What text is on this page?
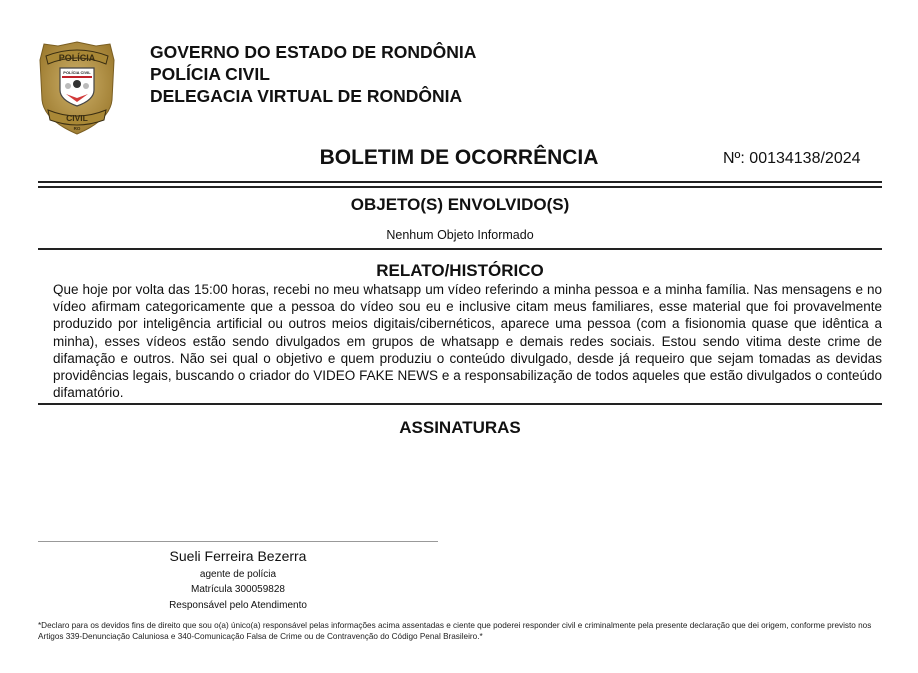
POLÍCIA
POLÍCIA CIVIL
CIVIL
RO
GOVERNO DO ESTADO DE RONDÔNIA
POLÍCIA CIVIL
DELEGACIA VIRTUAL DE RONDÔNIA
BOLETIM DE OCORRÊNCIA	Nº: 00134138/2024
OBJETO(S) ENVOLVIDO(S)
Nenhum Objeto Informado
RELATO/HISTÓRICO
Que hoje por volta das 15:00 horas, recebi no meu whatsapp um vídeo referindo a minha pessoa e a minha família. Nas mensagens e no vídeo afirmam categoricamente que a pessoa do vídeo sou eu e inclusive citam meus familiares, esse material que foi provavelmente produzido por inteligência artificial ou outros meios digitais/cibernéticos, aparece uma pessoa (com a fisionomia quase que idêntica a minha), esses vídeos estão sendo divulgados em grupos de whatsapp e demais redes sociais. Estou sendo vitima deste crime de difamação e outros. Não sei qual o objetivo e quem produziu o conteúdo divulgado, desde já requeiro que sejam tomadas as devidas providências legais, buscando o criador do VIDEO FAKE NEWS e a responsabilização de todos aqueles que estão divulgados o conteúdo difamatório.
ASSINATURAS
Sueli Ferreira Bezerra
agente de polícia
Matrícula 300059828
Responsável pelo Atendimento
*Declaro para os devidos fins de direito que sou o(a) único(a) responsável pelas informações acima assentadas e ciente que poderei responder civil e criminalmente pela presente declaração que dei origem, conforme previsto nos Artigos 339-Denunciação Caluniosa e 340-Comunicação Falsa de Crime ou de Contravenção do Código Penal Brasileiro.*
